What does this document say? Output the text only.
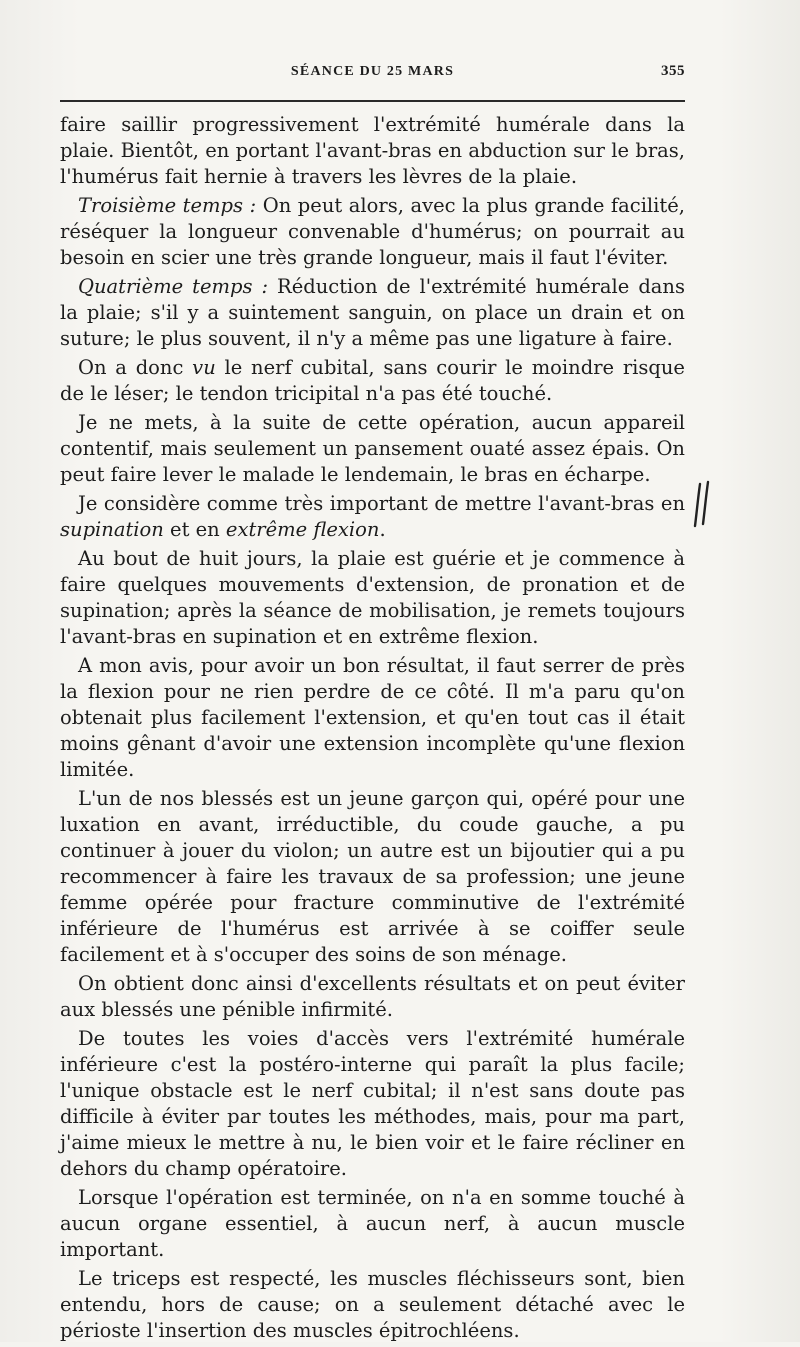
SÉANCE DU 25 MARS	355

faire saillir progressivement l'extrémité humérale dans la plaie. Bientôt, en portant l'avant-bras en abduction sur le bras, l'humérus fait hernie à travers les lèvres de la plaie.

Troisième temps : On peut alors, avec la plus grande facilité, réséquer la longueur convenable d'humérus; on pourrait au besoin en scier une très grande longueur, mais il faut l'éviter.

Quatrième temps : Réduction de l'extrémité humérale dans la plaie; s'il y a suintement sanguin, on place un drain et on suture; le plus souvent, il n'y a même pas une ligature à faire.

On a donc vu le nerf cubital, sans courir le moindre risque de le léser; le tendon tricipital n'a pas été touché.

Je ne mets, à la suite de cette opération, aucun appareil contentif, mais seulement un pansement ouaté assez épais. On peut faire lever le malade le lendemain, le bras en écharpe.

Je considère comme très important de mettre l'avant-bras en supination et en extrême flexion.

Au bout de huit jours, la plaie est guérie et je commence à faire quelques mouvements d'extension, de pronation et de supination; après la séance de mobilisation, je remets toujours l'avant-bras en supination et en extrême flexion.

A mon avis, pour avoir un bon résultat, il faut serrer de près la flexion pour ne rien perdre de ce côté. Il m'a paru qu'on obtenait plus facilement l'extension, et qu'en tout cas il était moins gênant d'avoir une extension incomplète qu'une flexion limitée.

L'un de nos blessés est un jeune garçon qui, opéré pour une luxation en avant, irréductible, du coude gauche, a pu continuer à jouer du violon; un autre est un bijoutier qui a pu recommencer à faire les travaux de sa profession; une jeune femme opérée pour fracture comminutive de l'extrémité inférieure de l'humérus est arrivée à se coiffer seule facilement et à s'occuper des soins de son ménage.

On obtient donc ainsi d'excellents résultats et on peut éviter aux blessés une pénible infirmité.

De toutes les voies d'accès vers l'extrémité humérale inférieure c'est la postéro-interne qui paraît la plus facile; l'unique obstacle est le nerf cubital; il n'est sans doute pas difficile à éviter par toutes les méthodes, mais, pour ma part, j'aime mieux le mettre à nu, le bien voir et le faire récliner en dehors du champ opératoire.

Lorsque l'opération est terminée, on n'a en somme touché à aucun organe essentiel, à aucun nerf, à aucun muscle important.

Le triceps est respecté, les muscles fléchisseurs sont, bien entendu, hors de cause; on a seulement détaché avec le périoste l'insertion des muscles épitrochléens.
